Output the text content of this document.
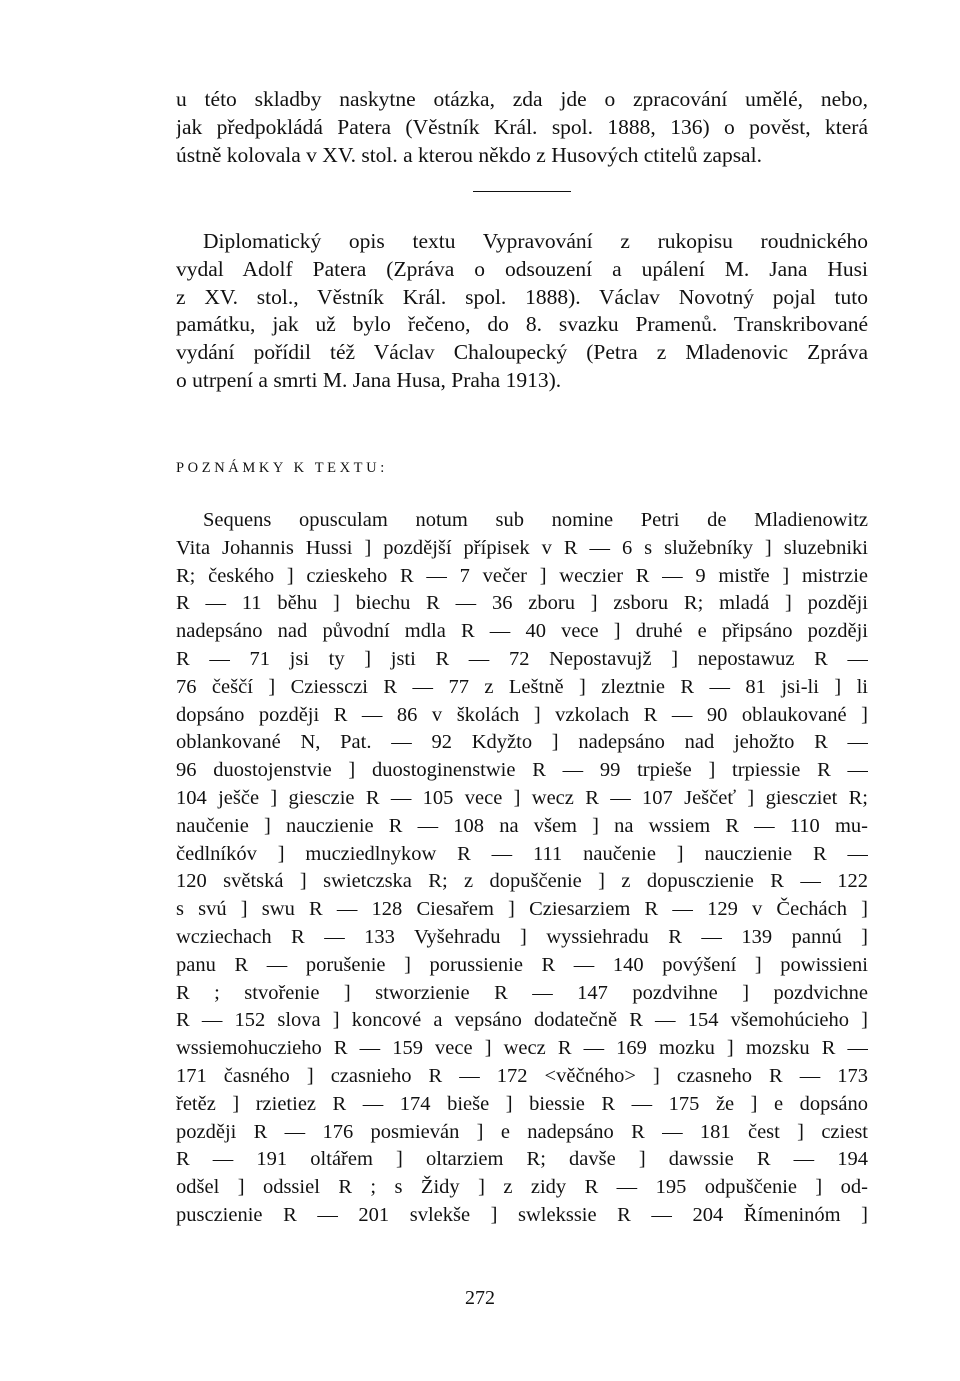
u této skladby naskytne otázka, zda jde o zpracování umělé, nebo,
jak předpokládá Patera (Věstník Král. spol. 1888, 136) o pověst, která
ústně kolovala v XV. stol. a kterou někdo z Husových ctitelů zapsal.
Diplomatický opis textu Vypravování z rukopisu roudnického
vydal Adolf Patera (Zpráva o odsouzení a upálení M. Jana Husi
z XV. stol., Věstník Král. spol. 1888). Václav Novotný pojal tuto
památku, jak už bylo řečeno, do 8. svazku Pramenů. Transkribované
vydání pořídil též Václav Chaloupecký (Petra z Mladenovic Zpráva
o utrpení a smrti M. Jana Husa, Praha 1913).
POZNÁMKY K TEXTU:
Sequens opusculam notum sub nomine Petri de Mladienowitz
Vita Johannis Hussi ] pozdější přípisek v R — 6 s služebníky ] sluzebniki
R; českého ] czieskeho R — 7 večer ] weczier R — 9 mistře ] mistrzie
R — 11 běhu ] biechu R — 36 zboru ] zsboru R; mladá ] později
nadepsáno nad původní mdla R — 40 vece ] druhé e připsáno později
R — 71 jsi ty ] jsti R — 72 Nepostavujž ] nepostawuz R —
76 češčí ] Cziessczi R — 77 z Leštně ] zleztnie R — 81 jsi-li ] li
dopsáno později R — 86 v školách ] vzkolach R — 90 oblaukované ]
oblankované N, Pat. — 92 Kdyžto ] nadepsáno nad jehožto R —
96 duostojenstvie ] duostoginenstwie R — 99 trpieše ] trpiessie R —
104 ješče ] giesczie R — 105 vece ] wecz R — 107 Ješčeť ] giescziet R;
naučenie ] nauczienie R — 108 na všem ] na wssiem R — 110 mu-
čedlníkóv ] mucziedlnykow R — 111 naučenie ] nauczienie R —
120 světská ] swietczska R; z dopuščenie ] z dopusczienie R — 122
s svú ] swu R — 128 Ciesařem ] Cziesarziem R — 129 v Čechách ]
wcziechach R — 133 Vyšehradu ] wyssiehradu R — 139 pannú ]
panu R — porušenie ] porussienie R — 140 povýšení ] powissieni
R ; stvořenie ] stworzienie R — 147 pozdvihne ] pozdvichne
R — 152 slova ] koncové a vepsáno dodatečně R — 154 všemohúcieho ]
wssiemohuczieho R — 159 vece ] wecz R — 169 mozku ] mozsku R —
171 časného ] czasnieho R — 172 <věčného> ] czasneho R — 173
řetěz ] rzietiez R — 174 bieše ] biessie R — 175 že ] e dopsáno
později R — 176 posmieván ] e nadepsáno R — 181 čest ] cziest
R — 191 oltářem ] oltarziem R; davše ] dawssie R — 194
odšel ] odssiel R ; s Židy ] z zidy R — 195 odpuščenie ] od-
pusczienie R — 201 svlekše ] swlekssie R — 204 Římeninóm ]
272
